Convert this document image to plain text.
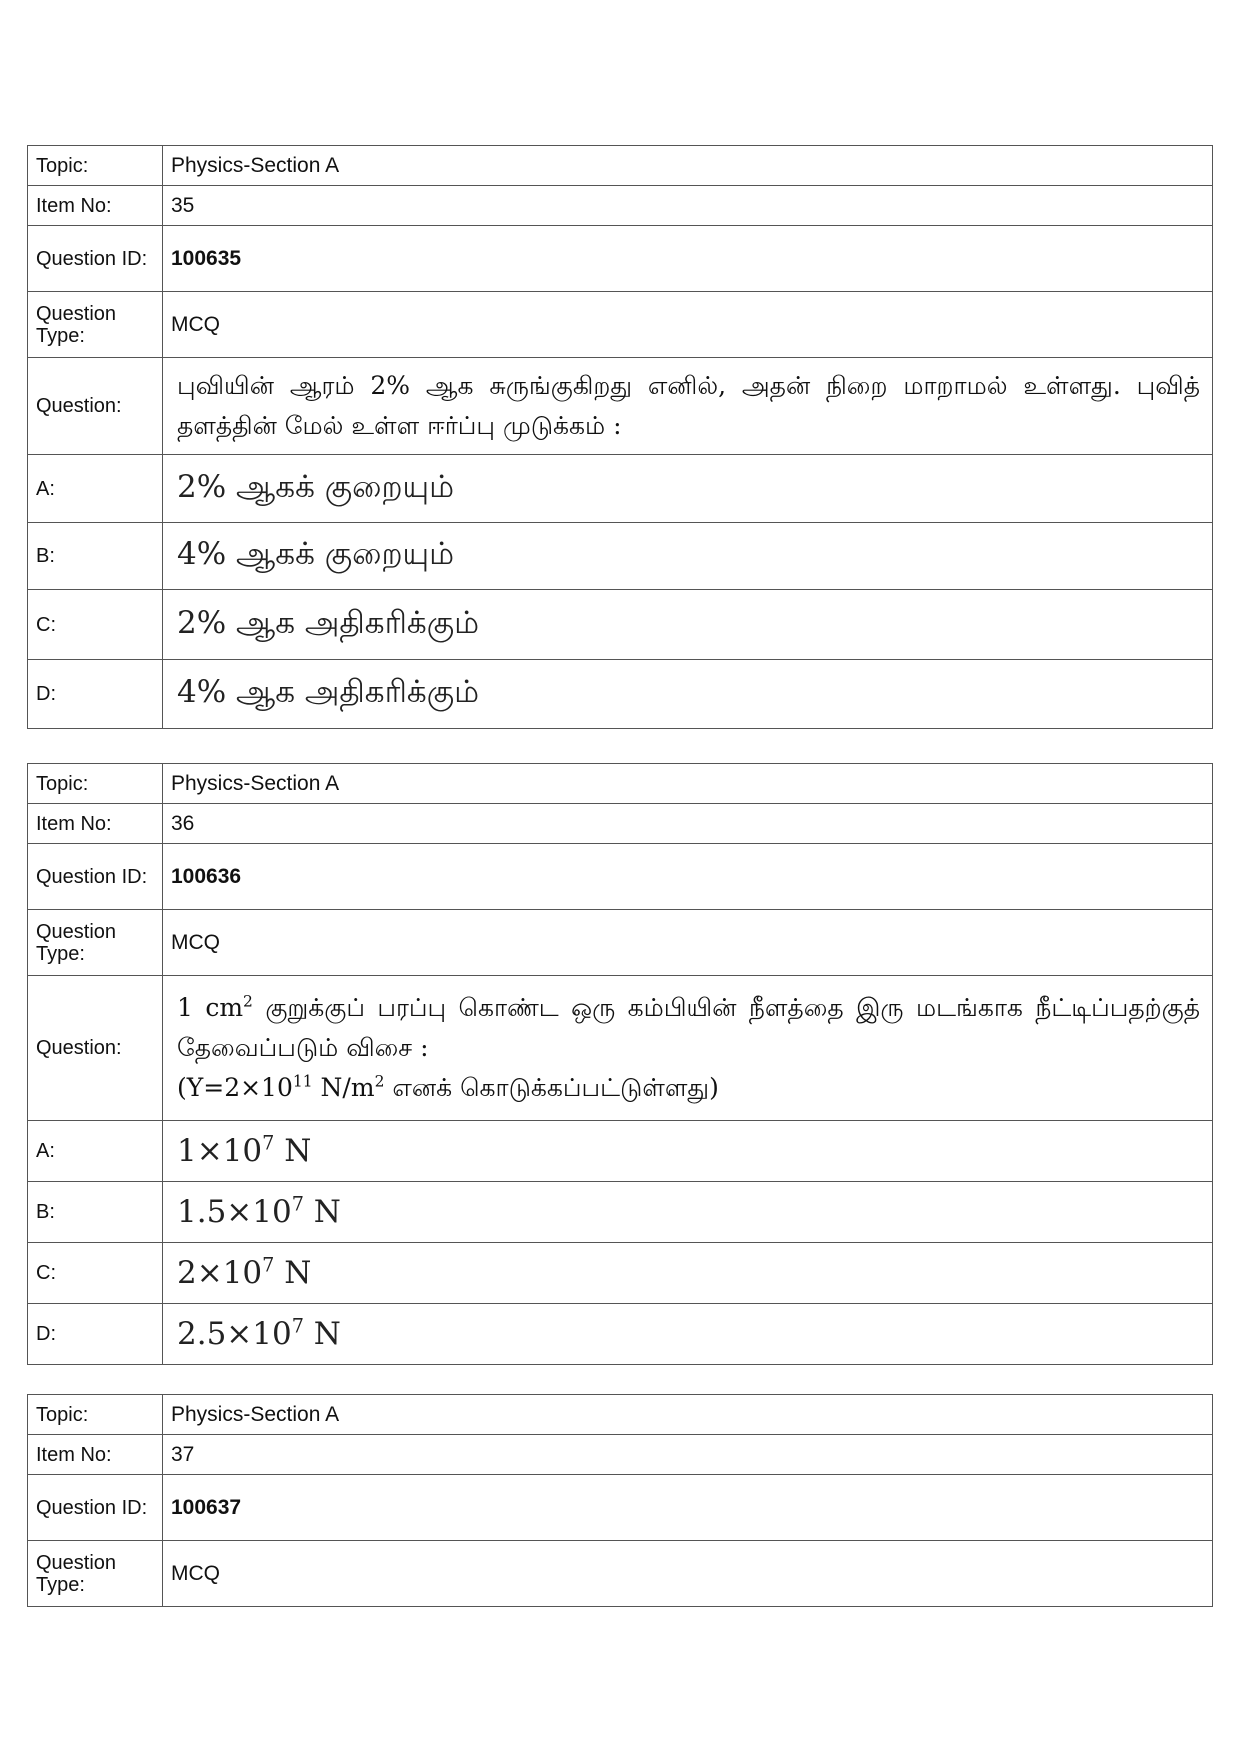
Topic:	Physics-Section A
Item No:	35
Question ID:	100635
Question Type:	MCQ
Question:	புவியின் ஆரம் 2% ஆக சுருங்குகிறது எனில், அதன் நிறை மாறாமல் உள்ளது. புவித் தளத்தின் மேல் உள்ள ஈர்ப்பு முடுக்கம் :
A:	2% ஆகக் குறையும்
B:	4% ஆகக் குறையும்
C:	2% ஆக அதிகரிக்கும்
D:	4% ஆக அதிகரிக்கும்
Topic:	Physics-Section A
Item No:	36
Question ID:	100636
Question Type:	MCQ
Question:	1 $cm^2$ குறுக்குப் பரப்பு கொண்ட ஒரு கம்பியின் நீளத்தை இரு மடங்காக நீட்டிப்பதற்குத் தேவைப்படும் விசை :
($Y=2\times 10^{11}$ $N/m^2$ எனக் கொடுக்கப்பட்டுள்ளது)

A:	$1\times 10^7$ N
B:	$1.5\times 10^7$ N
C:	$2\times 10^7$ N
D:	$2.5\times 10^7$ N
Topic:	Physics-Section A
Item No:	37
Question ID:	100637
Question Type:	MCQ
